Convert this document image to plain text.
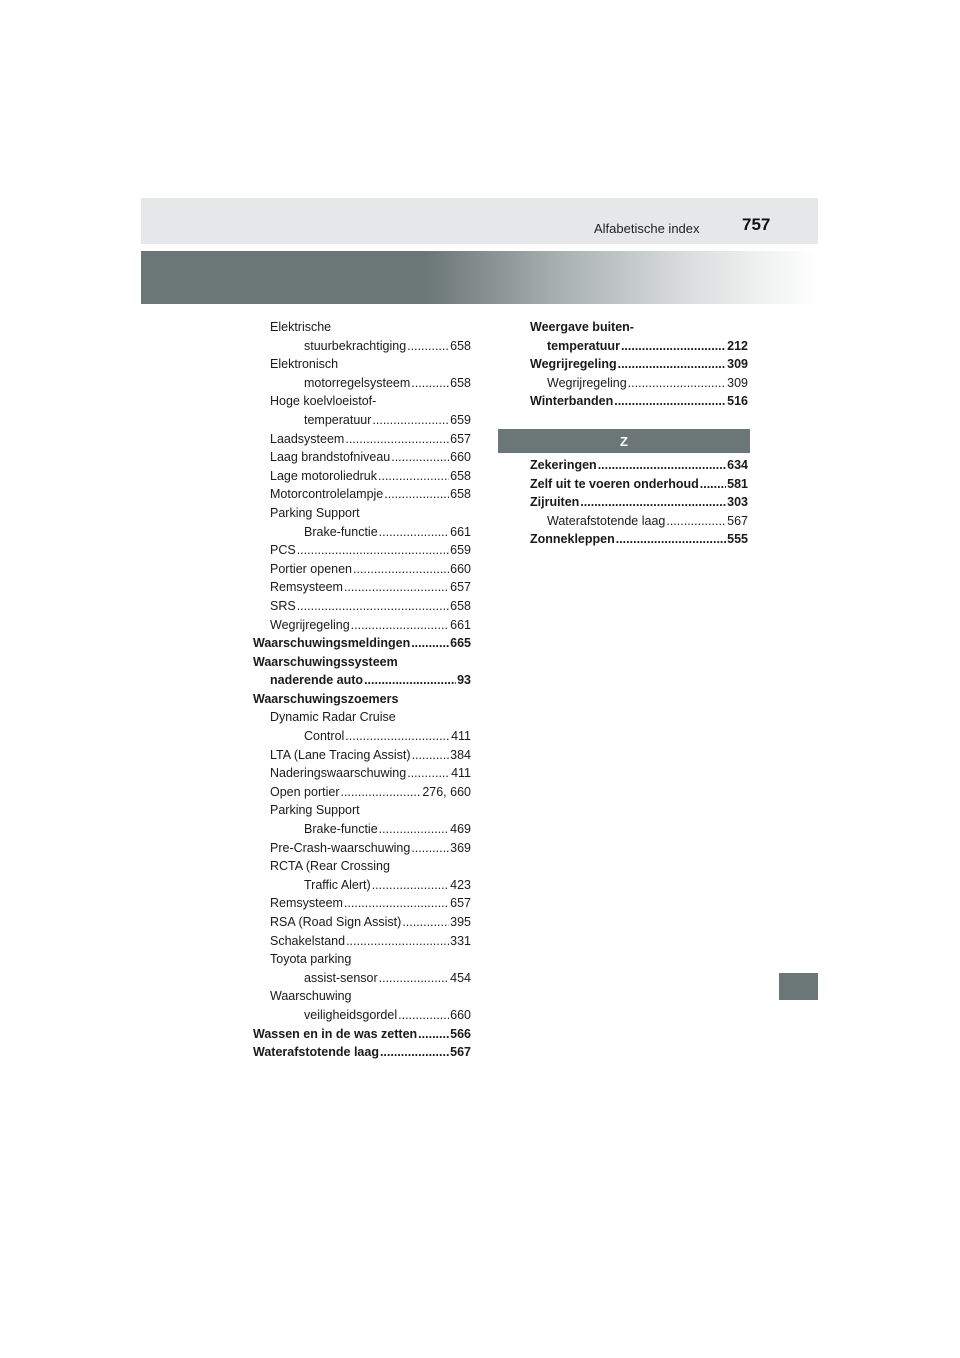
Alfabetische index 757
Elektrische
stuurbekrachtiging .....	658
Elektronisch
motorregelsysteem .....	658
Hoge koelvloeistof-
temperatuur .....	659
Laadsysteem .....	657
Laag brandstofniveau .....	660
Lage motoroliedruk .....	658
Motorcontrolelampje .....	658
Parking Support
Brake-functie .....	661
PCS .....	659
Portier openen .....	660
Remsysteem .....	657
SRS .....	658
Wegrijregeling .....	661
Waarschuwingsmeldingen .....	665
Waarschuwingssysteem
naderende auto .....	93
Waarschuwingszoemers
Dynamic Radar Cruise
Control .....	411
LTA (Lane Tracing Assist) .....	384
Naderingswaarschuwing .....	411
Open portier .....	276, 660
Parking Support
Brake-functie .....	469
Pre-Crash-waarschuwing .....	369
RCTA (Rear Crossing
Traffic Alert) .....	423
Remsysteem .....	657
RSA (Road Sign Assist) .....	395
Schakelstand .....	331
Toyota parking
assist-sensor .....	454
Waarschuwing
veiligheidsgordel .....	660
Wassen en in de was zetten .....	566
Waterafstotende laag .....	567
Weergave buiten-
temperatuur .....	212
Wegrijregeling .....	309
Wegrijregeling .....	309
Winterbanden .....	516
Z
Zekeringen .....	634
Zelf uit te voeren onderhoud ..... 581
Zijruiten .....	303
Waterafstotende laag .....	567
Zonnekleppen .....	555
